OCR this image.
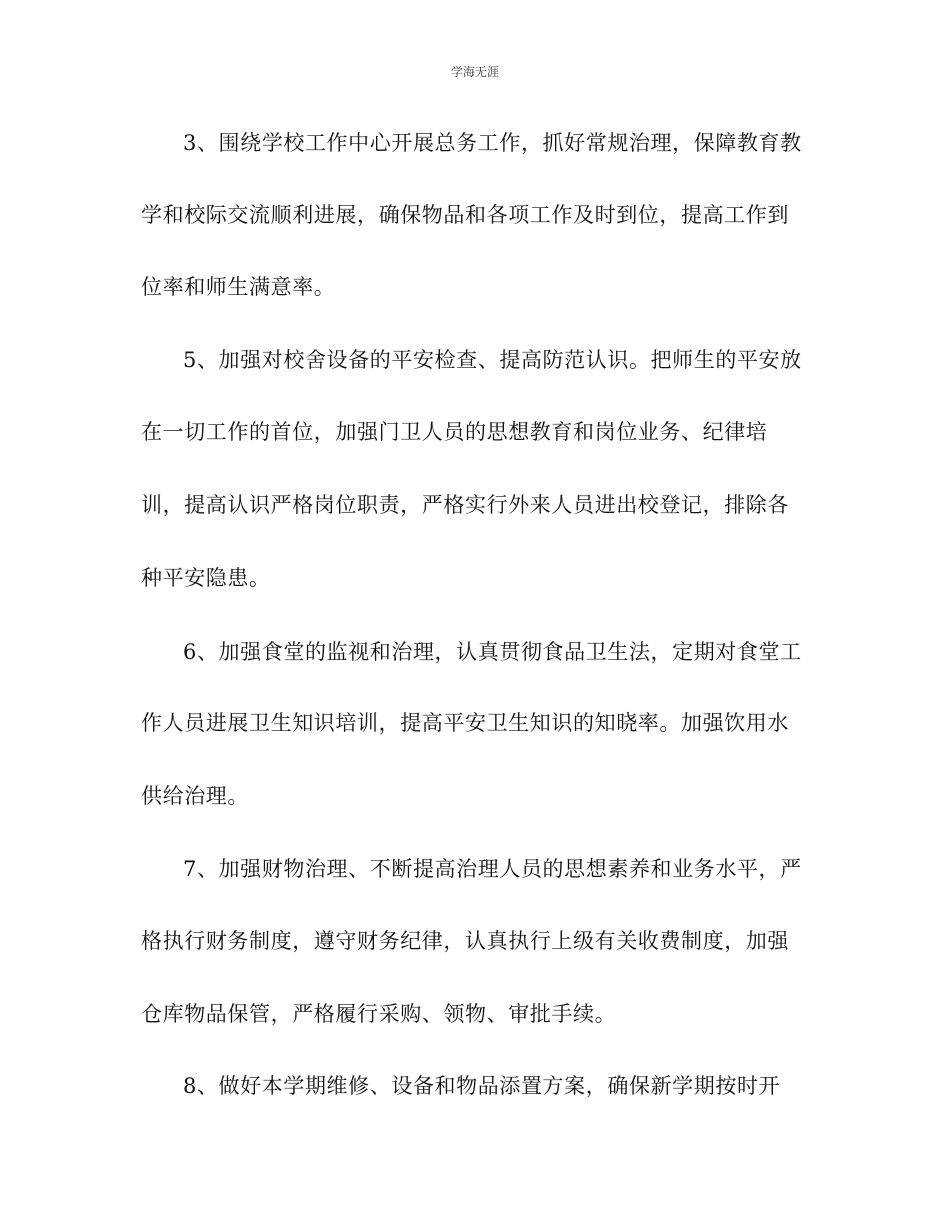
学海无涯
3、围绕学校工作中心开展总务工作，抓好常规治理，保障教育教
学和校际交流顺利进展，确保物品和各项工作及时到位，提高工作到
位率和师生满意率。
5、加强对校舍设备的平安检查、提高防范认识。把师生的平安放
在一切工作的首位，加强门卫人员的思想教育和岗位业务、纪律培
训，提高认识严格岗位职责，严格实行外来人员进出校登记，排除各
种平安隐患。
6、加强食堂的监视和治理，认真贯彻食品卫生法，定期对食堂工
作人员进展卫生知识培训，提高平安卫生知识的知晓率。加强饮用水
供给治理。
7、加强财物治理、不断提高治理人员的思想素养和业务水平，严
格执行财务制度，遵守财务纪律，认真执行上级有关收费制度，加强
仓库物品保管，严格履行采购、领物、审批手续。
8、做好本学期维修、设备和物品添置方案，确保新学期按时开
